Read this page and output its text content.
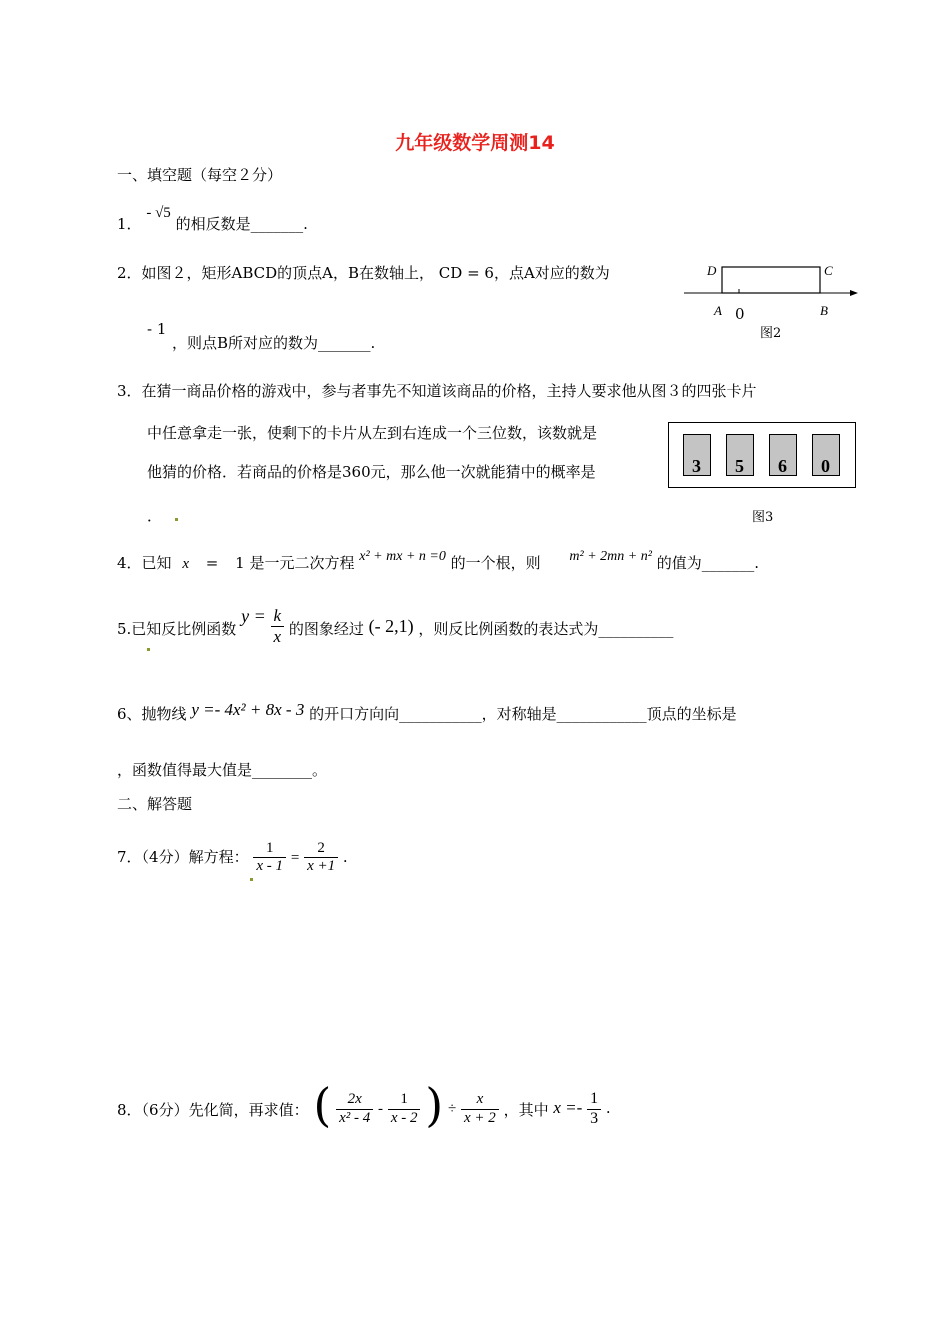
九年级数学周测14
一、填空题（每空２分）
1． - √5 的相反数是_______.
2．如图２，矩形ABCD的顶点A，B在数轴上， CD = 6，点A对应的数为
- 1
，则点B所对应的数为_______.
D	C
A 0	B
图2
3．在猜一商品价格的游戏中，参与者事先不知道该商品的价格，主持人要求他从图３的四张卡片
中任意拿走一张，使剩下的卡片从左到右连成一个三位数，该数就是
他猜的价格．若商品的价格是360元，那么他一次就能猜中的概率是
．
3 5 6 0
图3
4．已知 x = 1 是一元二次方程 x² + mx + n =0 的一个根，则 m² + 2mn + n² 的值为_______.
5.已知反比例函数 $y = \frac{k}{x}$ 的图象经过 (- 2,1) ，则反比例函数的表达式为__________
6、抛物线 y =- 4x² + 8x - 3 的开口方向向___________，对称轴是____________顶点的坐标是
，函数值得最大值是________。
二、解答题
7．（4分）解方程： $\frac{1}{x - 1} = \frac{2}{x +1}$ .
8．（6分）先化简，再求值： ( $\frac{2x}{\text{x² - 4}} - \frac{1}{x - 2}$ ) ÷ $\frac{x}{x + 2}$ ，其中 $x =- \frac{1}{3}$ .
